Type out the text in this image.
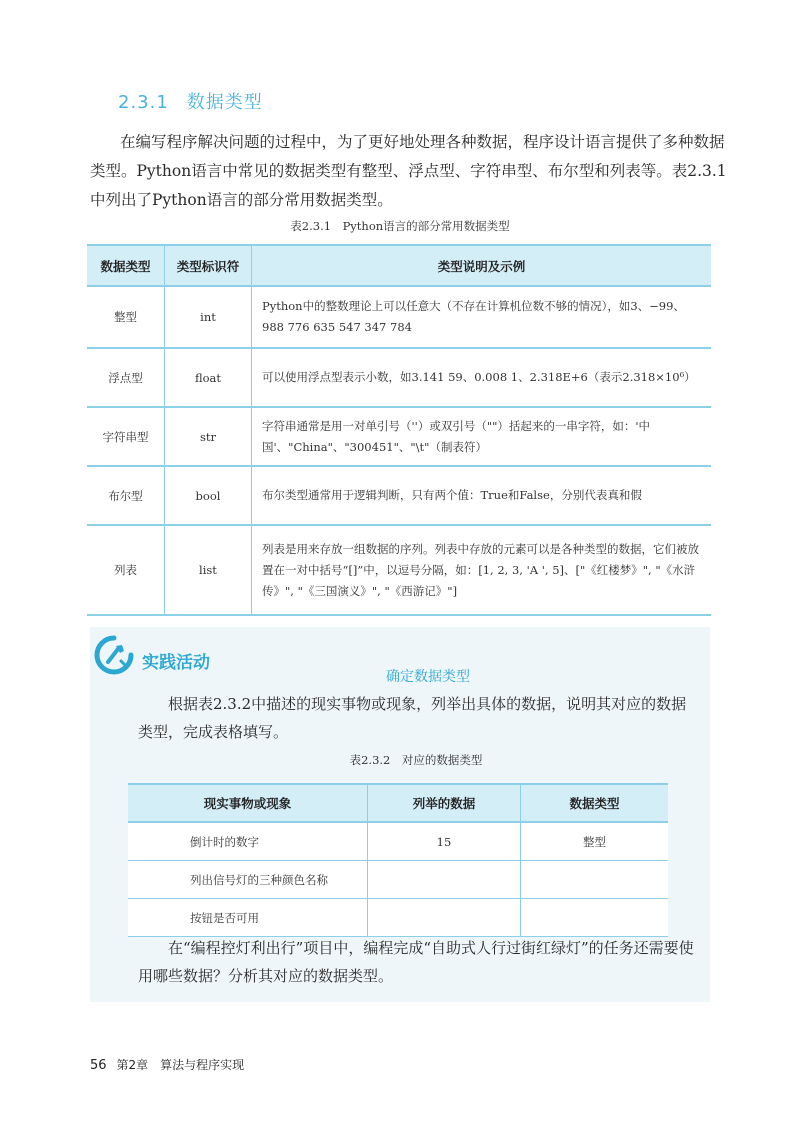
2.3.1 数据类型

在编写程序解决问题的过程中，为了更好地处理各种数据，程序设计语言提供了多种数据类型。Python语言中常见的数据类型有整型、浮点型、字符串型、布尔型和列表等。表2.3.1中列出了Python语言的部分常用数据类型。

表2.3.1　Python语言的部分常用数据类型
数据类型	类型标识符	类型说明及示例
整型	int	Python中的整数理论上可以任意大（不存在计算机位数不够的情况），如3、−99、988 776 635 547 347 784
浮点型	float	可以使用浮点型表示小数，如3.141 59、0.008 1、2.318E+6（表示2.318×10⁶）
字符串型	str	字符串通常是用一对单引号（''）或双引号（""）括起来的一串字符，如：'中国'、"China"、"300451"、"\t"（制表符）
布尔型	bool	布尔类型通常用于逻辑判断，只有两个值：True和False，分别代表真和假
列表	list	列表是用来存放一组数据的序列。列表中存放的元素可以是各种类型的数据，它们被放置在一对中括号“[]”中，以逗号分隔，如：[1, 2, 3, 'A ', 5]、["《红楼梦》", "《水浒传》", "《三国演义》", "《西游记》"]
实践活动
确定数据类型

根据表2.3.2中描述的现实事物或现象，列举出具体的数据，说明其对应的数据类型，完成表格填写。

表2.3.2　对应的数据类型
现实事物或现象	列举的数据	数据类型
倒计时的数字	15	整型
列出信号灯的三种颜色名称		
按钮是否可用		

在“编程控灯利出行”项目中，编程完成“自助式人行过街红绿灯”的任务还需要使用哪些数据？分析其对应的数据类型。

56 第2章　算法与程序实现
